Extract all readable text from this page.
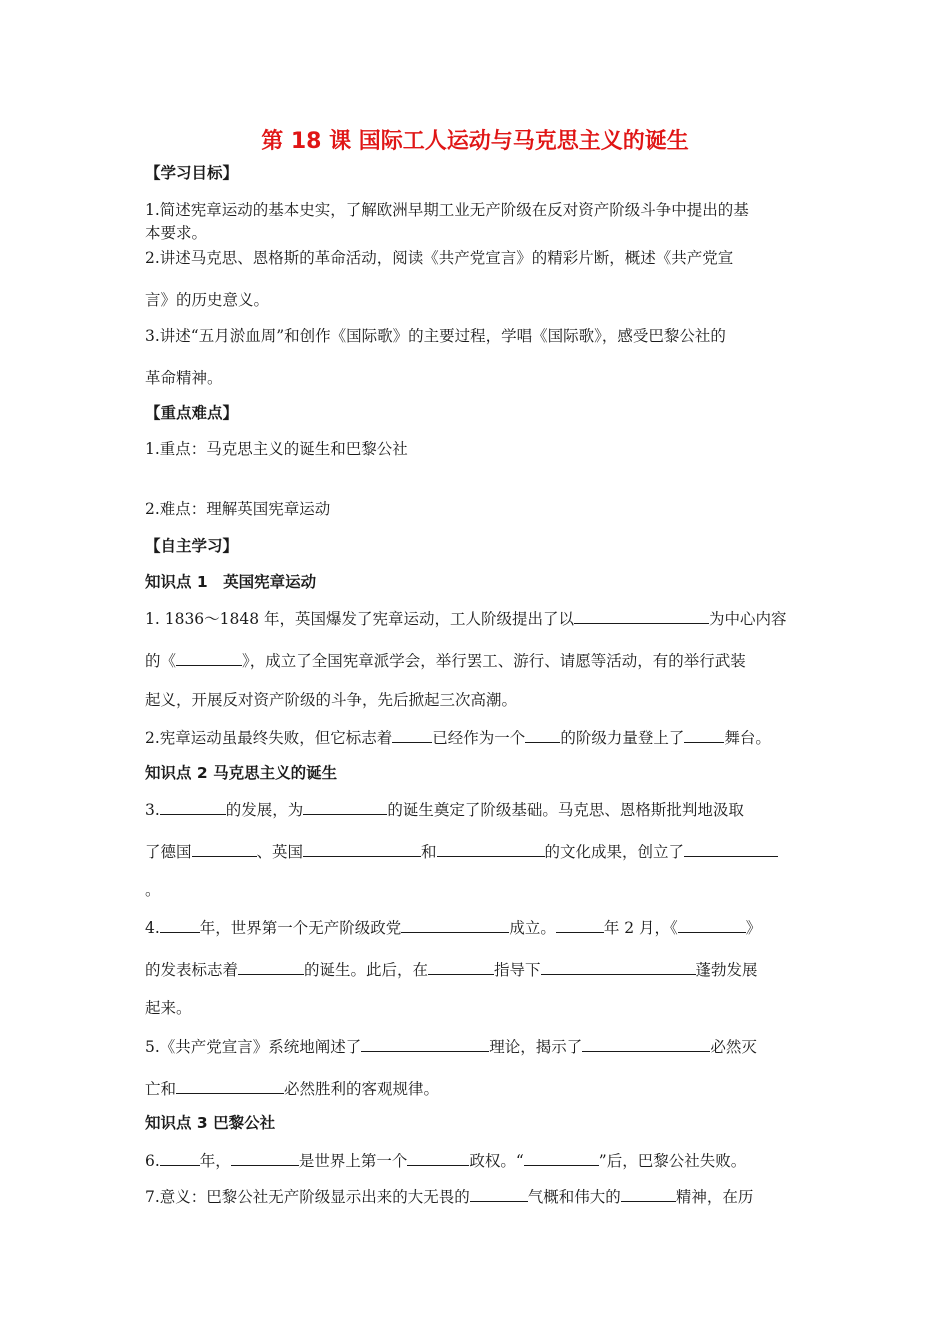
第 18 课 国际工人运动与马克思主义的诞生
【学习目标】
1.简述宪章运动的基本史实，了解欧洲早期工业无产阶级在反对资产阶级斗争中提出的基
本要求。
2.讲述马克思、恩格斯的革命活动，阅读《共产党宣言》的精彩片断，概述《共产党宣
言》的历史意义。
3.讲述“五月淤血周”和创作《国际歌》的主要过程，学唱《国际歌》，感受巴黎公社的
革命精神。
【重点难点】
1.重点：马克思主义的诞生和巴黎公社
2.难点：理解英国宪章运动
【自主学习】
知识点 1　英国宪章运动
1. 1836～1848 年，英国爆发了宪章运动，工人阶级提出了以	为中心内容
的《	》，成立了全国宪章派学会，举行罢工、游行、请愿等活动，有的举行武装
起义，开展反对资产阶级的斗争，先后掀起三次高潮。
2.宪章运动虽最终失败，但它标志着	已经作为一个 的阶级力量登上了	舞台。
知识点 2 马克思主义的诞生
3.	的发展，为	的诞生奠定了阶级基础。马克思、恩格斯批判地汲取
了德国	、英国	和	的文化成果，创立了
。
4.	年，世界第一个无产阶级政党	成立。	年 2 月，《	》
的发表标志着	的诞生。此后，在	指导下	蓬勃发展
起来。
5.《共产党宣言》系统地阐述了	理论，揭示了	必然灭
亡和	必然胜利的客观规律。
知识点 3 巴黎公社
6.	年，	是世界上第一个	政权。“	”后，巴黎公社失败。
7.意义：巴黎公社无产阶级显示出来的大无畏的	气概和伟大的	精神，在历
